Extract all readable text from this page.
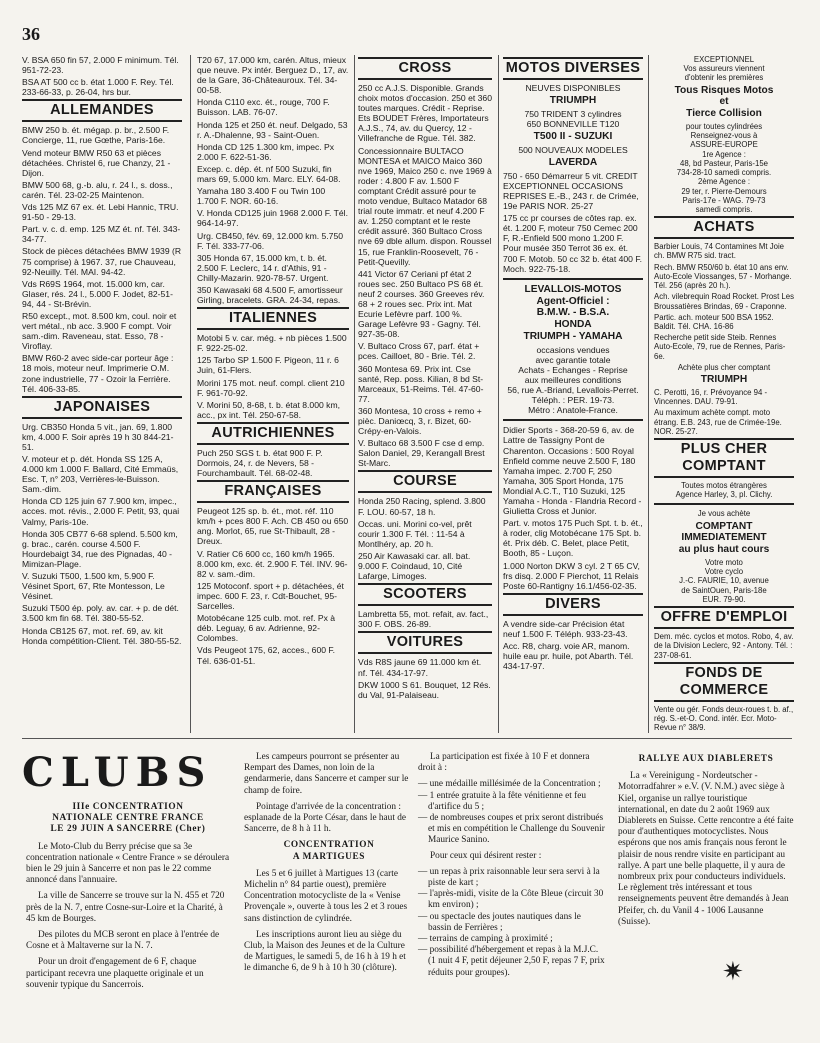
36
V. BSA 650 fin 57, 2.000 F minimum. Tél. 951-72-23.
BSA AT 500 cc b. état 1.000 F. Rey. Tél. 233-66-33, p. 26-04, hrs bur.
ALLEMANDES
BMW 250 b. ét. mégap. p. br., 2.500 F. Concierge, 11, rue Gœthe, Paris-16e.
Vend moteur BMW R50 63 et pièces détachées. Christel 6, rue Chanzy, 21 - Dijon.
BMW 500 68, g.-b. alu, r. 24 l., s. doss., carén. Tél. 23-02-25 Maintenon.
Vds 125 MZ 67 ex. ét. Lebi Hannic, TRU. 91-50 - 29-13.
Part. v. c. d. emp. 125 MZ ét. nf. Tél. 343-34-77.
Stock de pièces détachées BMW 1939 (R 75 comprise) à 1967. 37, rue Chauveau, 92-Neuilly. Tél. MAI. 94-42.
Vds R69S 1964, mot. 15.000 km, car. Glaser, rés. 24 l., 5.000 F. Jodet, 82-51-94, 44 - St-Brévin.
R50 except., mot. 8.500 km, coul. noir et vert métal., nb acc. 3.900 F compt. Voir sam.-dim. Raveneau, stat. Esso, 78 - Viroflay.
BMW R60-2 avec side-car porteur âge : 18 mois, moteur neuf. Imprimerie O.M. zone industrielle, 77 - Ozoir la Ferrière. Tél. 406-33-85.
JAPONAISES
Urg. CB350 Honda 5 vit., jan. 69, 1.800 km, 4.000 F. Soir après 19 h 30 844-21-51.
V. moteur et p. dét. Honda SS 125 A, 4.000 km 1.000 F. Ballard, Cité Emmaüs, Esc. T, n° 203, Verrières-le-Buisson. Sam.-dim.
Honda CD 125 juin 67 7.900 km, impec., acces. mot. révis., 2.000 F. Petit, 93, quai Valmy, Paris-10e.
Honda 305 CB77 6-68 splend. 5.500 km, g. brac., carén. course 4.500 F. Hourdebaigt 34, rue des Pignadas, 40 - Mimizan-Plage.
V. Suzuki T500, 1.500 km, 5.900 F. Vésinet Sport, 67, Rte Montesson, Le Vésinet.
Suzuki T500 ép. poly. av. car. + p. de dét. 3.500 km fin 68. Tél. 380-55-52.
Honda CB125 67, mot. ref. 69, av. kit Honda compétition-Client. Tél. 380-55-52.
T20 67, 17.000 km, carén. Altus, mieux que neuve. Px intér. Berguez D., 17, av. de la Gare, 36-Châteauroux. Tél. 34-00-58.
Honda C110 exc. ét., rouge, 700 F. Buisson. LAB. 76-07.
Honda 125 et 250 ét. neuf. Delgado, 53 r. A.-Dhalenne, 93 - Saint-Ouen.
Honda CD 125 1.300 km, impec. Px 2.000 F. 622-51-36.
Excep. c. dép. ét. nf 500 Suzuki, fin mars 69, 5.000 km. Marc. ELY. 64-08.
Yamaha 180 3.400 F ou Twin 100 1.700 F. NOR. 60-16.
V. Honda CD125 juin 1968 2.000 F. Tél. 964-14-97.
Urg. CB450, fév. 69, 12.000 km. 5.750 F. Tél. 333-77-06.
305 Honda 67, 15.000 km, t. b. ét. 2.500 F. Leclerc, 14 r. d'Athis, 91 - Chilly-Mazarin. 920-78-57. Urgent.
350 Kawasaki 68 4.500 F, amortisseur Girling, bracelets. GRA. 24-34, repas.
ITALIENNES
Motobi 5 v. car. még. + nb pièces 1.500 F. 922-25-02.
125 Tarbo SP 1.500 F. Pigeon, 11 r. 6 Juin, 61-Flers.
Morini 175 mot. neuf. compl. client 210 F. 961-70-92.
V. Morini 50, 8-68, t. b. état 8.000 km, acc., px int. Tél. 250-67-58.
AUTRICHIENNES
Puch 250 SGS t. b. état 900 F. P. Dormois, 24, r. de Nevers, 58 - Fourchambault. Tél. 68-02-48.
FRANÇAISES
Peugeot 125 sp. b. ét., mot. réf. 110 km/h + pces 800 F. Ach. CB 450 ou 650 ang. Morlot, 65, rue St-Thibault, 28 - Dreux.
V. Ratier C6 600 cc, 160 km/h 1965. 8.000 km, exc. ét. 2.900 F. Tél. INV. 96-82 v. sam.-dim.
125 Motoconf. sport + p. détachées, ét impec. 600 F. 23, r. Cdt-Bouchet, 95-Sarcelles.
Motobécane 125 culb. mot. ref. Px à déb. Leguay, 6 av. Adrienne, 92-Colombes.
Vds Peugeot 175, 62, acces., 600 F. Tél. 636-01-51.
CROSS
250 cc A.J.S. Disponible. Grands choix motos d'occasion. 250 et 360 toutes marques. Crédit - Reprise. Ets BOUDET Frères, Importateurs A.J.S., 74, av. du Quercy, 12 - Villefranche de Rgue. Tél. 382.
Concessionnaire BULTACO MONTESA et MAICO Maico 360 nve 1969, Maico 250 c. nve 1969 à roder : 4.800 F av. 1.500 F comptant Crédit assuré pour te moto vendue, Bultaco Matador 68 trial route immatr. et neuf 4.200 F av. 1.250 comptant et le reste crédit assuré. 360 Bultaco Cross nve 69 dble allum. dispon. Roussel 15, rue Franklin-Roosevelt, 76 - Petit-Quevilly.
441 Victor 67 Ceriani pf état 2 roues sec. 250 Bultaco PS 68 ét. neuf 2 courses. 360 Greeves rév. 68 + 2 roues sec. Prix int. Mat Ecurie Lefèvre parf. 100 %. Garage Lefèvre 93 - Gagny. Tél. 927-35-08.
V. Bultaco Cross 67, parf. état + pces. Cailloet, 80 - Brie. Tél. 2.
360 Montesa 69. Prix int. Cse santé, Rep. poss. Kilian, 8 bd St-Marceaux, 51-Reims. Tél. 47-60-77.
360 Montesa, 10 cross + remo + pièc. Daniœcq, 3, r. Bizet, 60-Crépy-en-Valois.
V. Bultaco 68 3.500 F cse d emp. Salon Daniel, 29, Kerangall Brest St-Marc.
COURSE
Honda 250 Racing, splend. 3.800 F. LOU. 60-57, 18 h.
Occas. uni. Morini co-vel, prêt courir 1.300 F. Tél. : 11-54 à Montlhéry, ap. 20 h.
250 Air Kawasaki car. all. bat. 9.000 F. Coindaud, 10, Cité Lafarge, Limoges.
SCOOTERS
Lambretta 55, mot. refait, av. fact., 300 F. OBS. 26-89.
VOITURES
Vds R8S jaune 69 11.000 km ét. nf. Tél. 434-17-97.
DKW 1000 S 61. Bouquet, 12 Rés. du Val, 91-Palaiseau.
MOTOS DIVERSES
NEUVES DISPONIBLES
TRIUMPH
750 TRIDENT 3 cylindres
650 BONNEVILLE T120
T500 II - SUZUKI
500 NOUVEAUX MODELES
LAVERDA
750 - 650 Démarreur 5 vit. CREDIT EXCEPTIONNEL OCCASIONS REPRISES E.-B., 243 r. de Crimée, 19e PARIS NOR. 25-27
175 cc pr courses de côtes rap. ex. ét. 1.200 F, moteur 750 Cemec 200 F, R.-Enfield 500 mono 1.200 F. Pour musée 350 Terrot 36 ex. ét. 700 F. Motob. 50 cc 32 b. état 400 F. Moch. 922-75-18.
LEVALLOIS-MOTOS
Agent-Officiel :
B.M.W. - B.S.A.
HONDA
TRIUMPH - YAMAHA
occasions vendues
avec garantie totale
Achats - Echanges - Reprise
aux meilleures conditions
56, rue A.-Briand, Levallois-Perret. Téléph. : PER. 19-73.
Métro : Anatole-France.
Didier Sports - 368-20-59 6, av. de Lattre de Tassigny Pont de Charenton. Occasions : 500 Royal Enfield comme neuve 2.500 F, 180 Yamaha impec. 2.700 F, 250 Yamaha, 305 Sport Honda, 175 Mondial A.C.T., T10 Suzuki, 125 Yamaha - Honda - Flandria Record - Giulietta Cross et Junior.
Part. v. motos 175 Puch Spt. t. b. ét., à roder, clig Motobécane 175 Spt. b. ét. Prix déb. C. Belet, place Petit, Booth, 85 - Luçon.
1.000 Norton DKW 3 cyl. 2 T 65 CV, frs disq. 2.000 F Pierchot, 11 Relais Poste 60-Rantigny 16.1/456-02-35.
DIVERS
A vendre side-car Précision état neuf 1.500 F. Téléph. 933-23-43.
Acc. R8, charg. voie AR, manom. huile eau pr. huile, pot Abarth. Tél. 434-17-97.
EXCEPTIONNEL
Vos assureurs viennent
d'obtenir les premières
Tous Risques Motos
et
Tierce Collision
pour toutes cylindrées
Renseignez-vous à
ASSURE-EUROPE
1re Agence :
48, bd Pasteur, Paris-15e
734-28-10 samedi compris.
2ème Agence :
29 ter, r. Pierre-Demours
Paris-17e - WAG. 79-73
samedi compris.
ACHATS
Barbier Louis, 74 Contamines Mt Joie ch. BMW R75 sid. tract.
Rech. BMW R50/60 b. état 10 ans env. Auto-Ecole Viossanges, 57 - Morhange. Tél. 256 (après 20 h.).
Ach. vilebrequin Road Rocket. Prost Les Broussatières Brindas, 69 - Craponne.
Partic. ach. moteur 500 BSA 1952. Baldit. Tél. CHA. 16-86
Recherche petit side Steib. Rennes Auto-Ecole, 79, rue de Rennes, Paris-6e.
Achète plus cher comptant
TRIUMPH
C. Perotti, 16, r. Prévoyance 94 - Vincennes. DAU. 79-91.
Au maximum achète compt. moto étrang. E.B. 243, rue de Crimée-19e. NOR. 25-27.
PLUS CHER COMPTANT
Toutes motos étrangères
Agence Harley, 3, pl. Clichy.
Je vous achète
COMPTANT
IMMEDIATEMENT
au plus haut cours
Votre moto
Votre cyclo
J.-C. FAURIE, 10, avenue
de SaintOuen, Paris-18e
EUR. 79-90.
OFFRE D'EMPLOI
Dem. méc. cyclos et motos. Robo, 4, av. de la Division Leclerc, 92 - Antony. Tél. : 237-08-61.
FONDS DE COMMERCE
Vente ou gér. Fonds deux-roues t. b. af., rég. S.-et-O. Cond. intér. Ecr. Moto-Revue n° 38/9.
CLUBS
IIIe CONCENTRATION
NATIONALE CENTRE FRANCE
LE 29 JUIN A SANCERRE (Cher)

Le Moto-Club du Berry précise que sa 3e concentration nationale « Centre France » se déroulera bien le 29 juin à Sancerre et non pas le 22 comme annoncé dans l'annuaire.

La ville de Sancerre se trouve sur la N. 455 et 720 près de la N. 7, entre Cosne-sur-Loire et la Charité, à 45 km de Bourges.

Des pilotes du MCB seront en place à l'entrée de Cosne et à Maltaverne sur la N. 7.

Pour un droit d'engagement de 6 F, chaque participant recevra une plaquette originale et un souvenir typique du Sancerrois.

Les campeurs pourront se présenter au Rempart des Dames, non loin de la gendarmerie, dans Sancerre et camper sur le champ de foire.

Pointage d'arrivée de la concentration : esplanade de la Porte César, dans le haut de Sancerre, de 8 h à 11 h.

CONCENTRATION
A MARTIGUES

Les 5 et 6 juillet à Martigues 13 (carte Michelin n° 84 partie ouest), première Concentration motocycliste de la « Venise Provençale », ouverte à tous les 2 et 3 roues sans distinction de cylindrée.

Les inscriptions auront lieu au siège du Club, la Maison des Jeunes et de la Culture de Martigues, le samedi 5, de 16 h à 19 h et le dimanche 6, de 9 h à 10 h 30 (clôture).

La participation est fixée à 10 F et donnera droit à :

— une médaille millésimée de la Concentration ;
— 1 entrée gratuite à la fête vénitienne et feu d'artifice du 5 ;
— de nombreuses coupes et prix seront distribués et mis en compétition le Challenge du Souvenir Maurice Sanino.

Pour ceux qui désirent rester :

— un repas à prix raisonnable leur sera servi à la piste de kart ;
— l'après-midi, visite de la Côte Bleue (circuit 30 km environ) ;
— ou spectacle des joutes nautiques dans le bassin de Ferrières ;
— terrains de camping à proximité ;
— possibilité d'hébergement et repas à la M.J.C. (1 nuit 4 F, petit déjeuner 2,50 F, repas 7 F, prix réduits pour groupes).
RALLYE AUX DIABLERETS

La « Vereinigung - Nordeutscher - Motorradfahrer » e.V. (V. N.M.) avec siège à Kiel, organise un rallye touristique international, en date du 2 août 1969 aux Diablerets en Suisse. Cette rencontre a été faite pour d'authentiques motocyclistes. Nous espérons que nos amis français nous feront le plaisir de nous rendre visite en participant au rallye. A part une belle plaquette, il y aura de nombreux prix pour conducteurs individuels. Le règlement très intéressant et tous renseignements peuvent être demandés à Jean Pfeifer, ch. du Vanil 4 - 1006 Lausanne (Suisse).

✷
